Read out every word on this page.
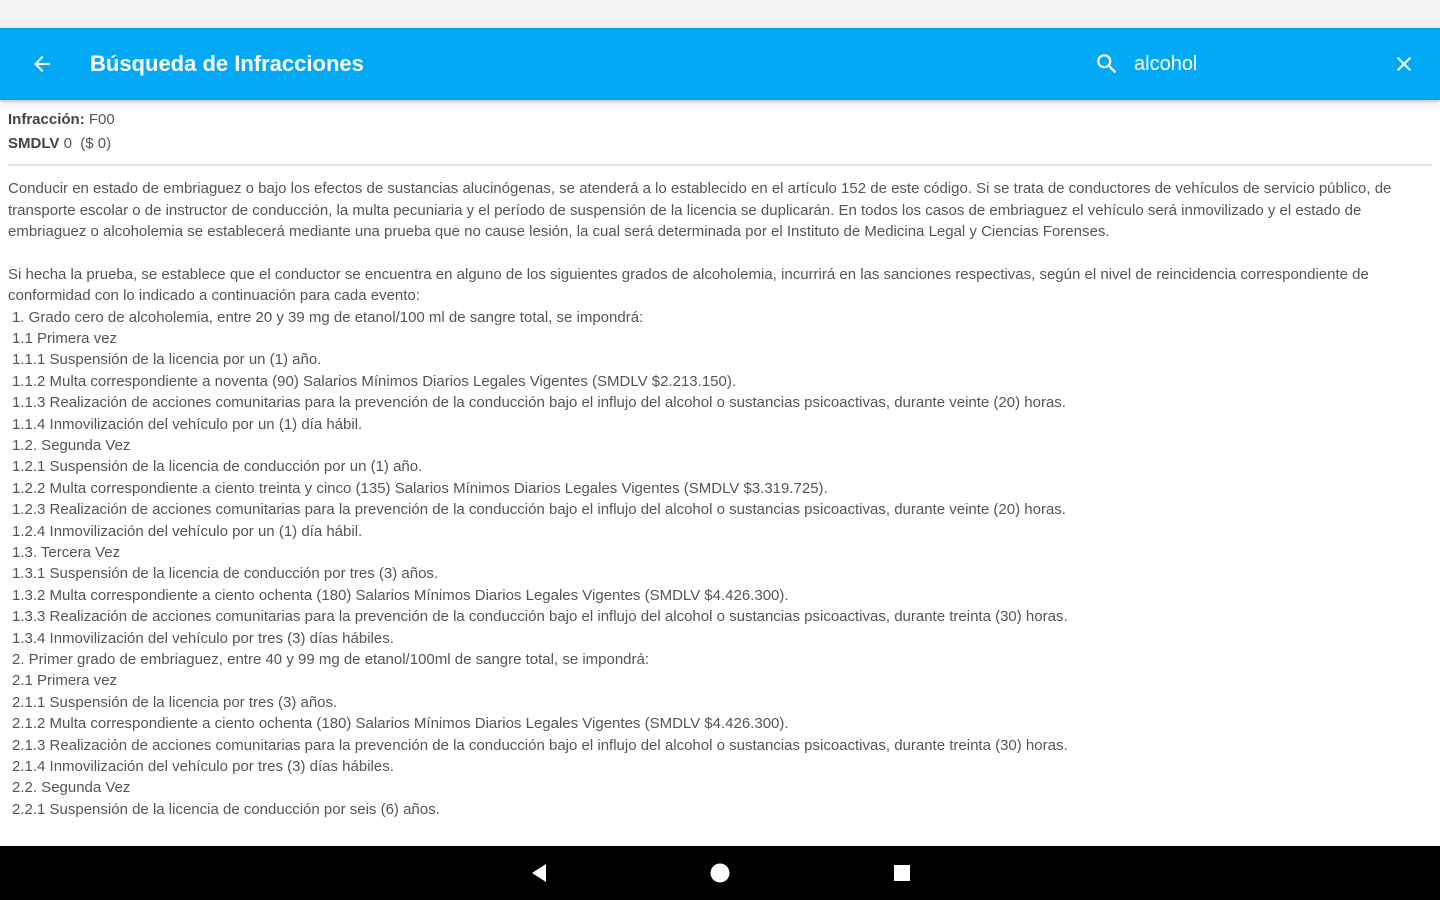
Búsqueda de Infracciones
alcohol
Infracción: F00
SMDLV 0  ($ 0)
Conducir en estado de embriaguez o bajo los efectos de sustancias alucinógenas, se atenderá a lo establecido en el artículo 152 de este código. Si se trata de conductores de vehículos de servicio público, de transporte escolar o de instructor de conducción, la multa pecuniaria y el período de suspensión de la licencia se duplicarán. En todos los casos de embriaguez el vehículo será inmovilizado y el estado de embriaguez o alcoholemia se establecerá mediante una prueba que no cause lesión, la cual será determinada por el Instituto de Medicina Legal y Ciencias Forenses.
Si hecha la prueba, se establece que el conductor se encuentra en alguno de los siguientes grados de alcoholemia, incurrirá en las sanciones respectivas, según el nivel de reincidencia correspondiente de conformidad con lo indicado a continuación para cada evento:
1. Grado cero de alcoholemia, entre 20 y 39 mg de etanol/100 ml de sangre total, se impondrá:
1.1 Primera vez
1.1.1 Suspensión de la licencia por un (1) año.
1.1.2 Multa correspondiente a noventa (90) Salarios Mínimos Diarios Legales Vigentes (SMDLV $2.213.150).
1.1.3 Realización de acciones comunitarias para la prevención de la conducción bajo el influjo del alcohol o sustancias psicoactivas, durante veinte (20) horas.
1.1.4 Inmovilización del vehículo por un (1) día hábil.
1.2. Segunda Vez
1.2.1 Suspensión de la licencia de conducción por un (1) año.
1.2.2 Multa correspondiente a ciento treinta y cinco (135) Salarios Mínimos Diarios Legales Vigentes (SMDLV $3.319.725).
1.2.3 Realización de acciones comunitarias para la prevención de la conducción bajo el influjo del alcohol o sustancias psicoactivas, durante veinte (20) horas.
1.2.4 Inmovilización del vehículo por un (1) día hábil.
1.3. Tercera Vez
1.3.1 Suspensión de la licencia de conducción por tres (3) años.
1.3.2 Multa correspondiente a ciento ochenta (180) Salarios Mínimos Diarios Legales Vigentes (SMDLV $4.426.300).
1.3.3 Realización de acciones comunitarias para la prevención de la conducción bajo el influjo del alcohol o sustancias psicoactivas, durante treinta (30) horas.
1.3.4 Inmovilización del vehículo por tres (3) días hábiles.
2. Primer grado de embriaguez, entre 40 y 99 mg de etanol/100ml de sangre total, se impondrá:
2.1 Primera vez
2.1.1 Suspensión de la licencia por tres (3) años.
2.1.2 Multa correspondiente a ciento ochenta (180) Salarios Mínimos Diarios Legales Vigentes (SMDLV $4.426.300).
2.1.3 Realización de acciones comunitarias para la prevención de la conducción bajo el influjo del alcohol o sustancias psicoactivas, durante treinta (30) horas.
2.1.4 Inmovilización del vehículo por tres (3) días hábiles.
2.2. Segunda Vez
2.2.1 Suspensión de la licencia de conducción por seis (6) años.
